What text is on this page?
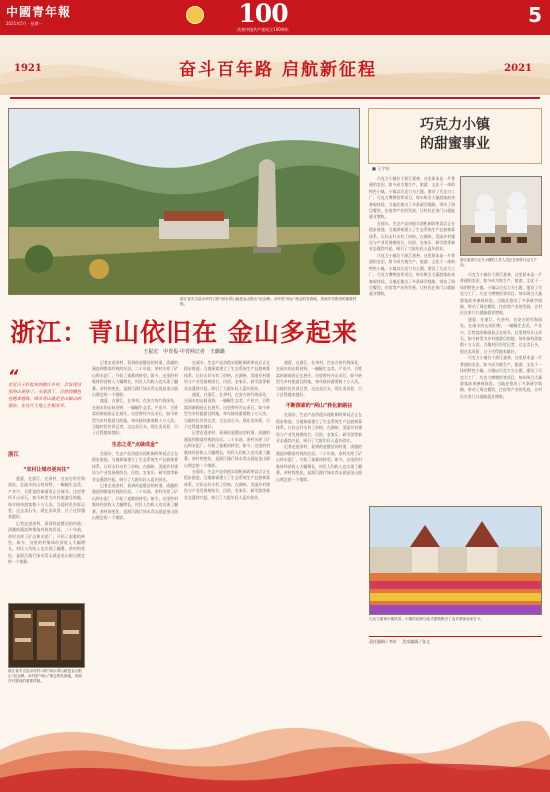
中國青年報
2021年5月 · 星期一	100
庆祝中国共产党成立100周年
5
1921	2021
奋斗百年路 启航新征程
浙江省安吉县余村村口的“绿水青山就是金山银山”纪念碑。余村是“两山”理念的发源地，美丽乡村建设的重要样板。
浙江：青山依旧在 金山多起来
王振宏　中青报·中青网记者　王璐璐
“
走近日子好起来的浙江乡村，会发现这里的山更绿了，水更清了，百姓的腰包也越来越鼓。绿水青山就是金山银山的理念，在这片土地上生根发芽。
浙江
“农村让城市更向往”

盛夏，在浙江，在余村，在安吉的竹海深处，在丽水的山间田野，一幅幅生态美、产业兴、百姓富的新画卷正在展开。这里曾经开山采石，如今转型为乡村旅游目的地，每年接待游客数十万人次。当地村民告诉记者，过去卖石头，现在卖风景，日子过得越来越好。

记者走进余村，看到的是整洁的村道、清澈的溪流和错落有致的民居。二十年前，余村关停了矿山和水泥厂，开始了艰难的转型。如今，这里的村集体经济收入大幅增长，村民人均收入也实现了翻番。余村的变化，是浙江践行绿水青山就是金山银山理念的一个缩影。

浙江省安吉县余村村口的“绿水青山就是金山银山”纪念碑。余村是“两山”理念的发源地，美丽乡村建设的重要样板。

记者走进余村，看到的是整洁的村道、清澈的溪流和错落有致的民居。二十年前，余村关停了矿山和水泥厂，开始了艰难的转型。如今，这里的村集体经济收入大幅增长，村民人均收入也实现了翻番。余村的变化，是浙江践行绿水青山就是金山银山理念的一个缩影。

盛夏，在浙江，在余村，在安吉的竹海深处，在丽水的山间田野，一幅幅生态美、产业兴、百姓富的新画卷正在展开。这里曾经开山采石，如今转型为乡村旅游目的地，每年接待游客数十万人次。当地村民告诉记者，过去卖石头，现在卖风景，日子过得越来越好。

生态之花“点绿成金”

在丽水，生态产品价值实现机制改革试点正在稳步推进。当地探索建立了生态系统生产总值核算体系，让好山好水有了价格。在湖州，美丽乡村建设与产业发展相结合，民宿、农家乐、研学游等新业态蓬勃兴起，吸引了大批年轻人返乡创业。

记者走进余村，看到的是整洁的村道、清澈的溪流和错落有致的民居。二十年前，余村关停了矿山和水泥厂，开始了艰难的转型。如今，这里的村集体经济收入大幅增长，村民人均收入也实现了翻番。余村的变化，是浙江践行绿水青山就是金山银山理念的一个缩影。

在丽水，生态产品价值实现机制改革试点正在稳步推进。当地探索建立了生态系统生产总值核算体系，让好山好水有了价格。在湖州，美丽乡村建设与产业发展相结合，民宿、农家乐、研学游等新业态蓬勃兴起，吸引了大批年轻人返乡创业。

盛夏，在浙江，在余村，在安吉的竹海深处，在丽水的山间田野，一幅幅生态美、产业兴、百姓富的新画卷正在展开。这里曾经开山采石，如今转型为乡村旅游目的地，每年接待游客数十万人次。当地村民告诉记者，过去卖石头，现在卖风景，日子过得越来越好。

记者走进余村，看到的是整洁的村道、清澈的溪流和错落有致的民居。二十年前，余村关停了矿山和水泥厂，开始了艰难的转型。如今，这里的村集体经济收入大幅增长，村民人均收入也实现了翻番。余村的变化，是浙江践行绿水青山就是金山银山理念的一个缩影。

在丽水，生态产品价值实现机制改革试点正在稳步推进。当地探索建立了生态系统生产总值核算体系，让好山好水有了价格。在湖州，美丽乡村建设与产业发展相结合，民宿、农家乐、研学游等新业态蓬勃兴起，吸引了大批年轻人返乡创业。

盛夏，在浙江，在余村，在安吉的竹海深处，在丽水的山间田野，一幅幅生态美、产业兴、百姓富的新画卷正在展开。这里曾经开山采石，如今转型为乡村旅游目的地，每年接待游客数十万人次。当地村民告诉记者，过去卖石头，现在卖风景，日子过得越来越好。

不断探索的“两山”转化新路径

在丽水，生态产品价值实现机制改革试点正在稳步推进。当地探索建立了生态系统生产总值核算体系，让好山好水有了价格。在湖州，美丽乡村建设与产业发展相结合，民宿、农家乐、研学游等新业态蓬勃兴起，吸引了大批年轻人返乡创业。

记者走进余村，看到的是整洁的村道、清澈的溪流和错落有致的民居。二十年前，余村关停了矿山和水泥厂，开始了艰难的转型。如今，这里的村集体经济收入大幅增长，村民人均收入也实现了翻番。余村的变化，是浙江践行绿水青山就是金山银山理念的一个缩影。

巧克力小镇
的甜蜜事业
■ 王宇东

巧克力小镇位于浙江嘉善，这里原本是一片普通的农田，如今成为集生产、旅游、文化于一体的特色小镇。小镇以巧克力为主题，建设了巧克力工厂、巧克力博物馆等项目，每年吸引大量游客前来参观体验。当地还推出了多条研学线路，带动了周边餐饮、住宿等产业的发展，让村民在家门口就能就业增收。

在丽水，生态产品价值实现机制改革试点正在稳步推进。当地探索建立了生态系统生产总值核算体系，让好山好水有了价格。在湖州，美丽乡村建设与产业发展相结合，民宿、农家乐、研学游等新业态蓬勃兴起，吸引了大批年轻人返乡创业。

巧克力小镇位于浙江嘉善，这里原本是一片普通的农田，如今成为集生产、旅游、文化于一体的特色小镇。小镇以巧克力为主题，建设了巧克力工厂、巧克力博物馆等项目，每年吸引大量游客前来参观体验。当地还推出了多条研学线路，带动了周边餐饮、住宿等产业的发展，让村民在家门口就能就业增收。

浙江嘉善巧克力小镇的工作人员正在制作巧克力产品。

巧克力小镇位于浙江嘉善，这里原本是一片普通的农田，如今成为集生产、旅游、文化于一体的特色小镇。小镇以巧克力为主题，建设了巧克力工厂、巧克力博物馆等项目，每年吸引大量游客前来参观体验。当地还推出了多条研学线路，带动了周边餐饮、住宿等产业的发展，让村民在家门口就能就业增收。

盛夏，在浙江，在余村，在安吉的竹海深处，在丽水的山间田野，一幅幅生态美、产业兴、百姓富的新画卷正在展开。这里曾经开山采石，如今转型为乡村旅游目的地，每年接待游客数十万人次。当地村民告诉记者，过去卖石头，现在卖风景，日子过得越来越好。

巧克力小镇位于浙江嘉善，这里原本是一片普通的农田，如今成为集生产、旅游、文化于一体的特色小镇。小镇以巧克力为主题，建设了巧克力工厂、巧克力博物馆等项目，每年吸引大量游客前来参观体验。当地还推出了多条研学线路，带动了周边餐饮、住宿等产业的发展，让村民在家门口就能就业增收。

巧克力甜蜜小镇风景。小镇的花海与欧式建筑吸引了众多游客前来打卡。
责任编辑 / 李轩 　美术编辑 / 张文
